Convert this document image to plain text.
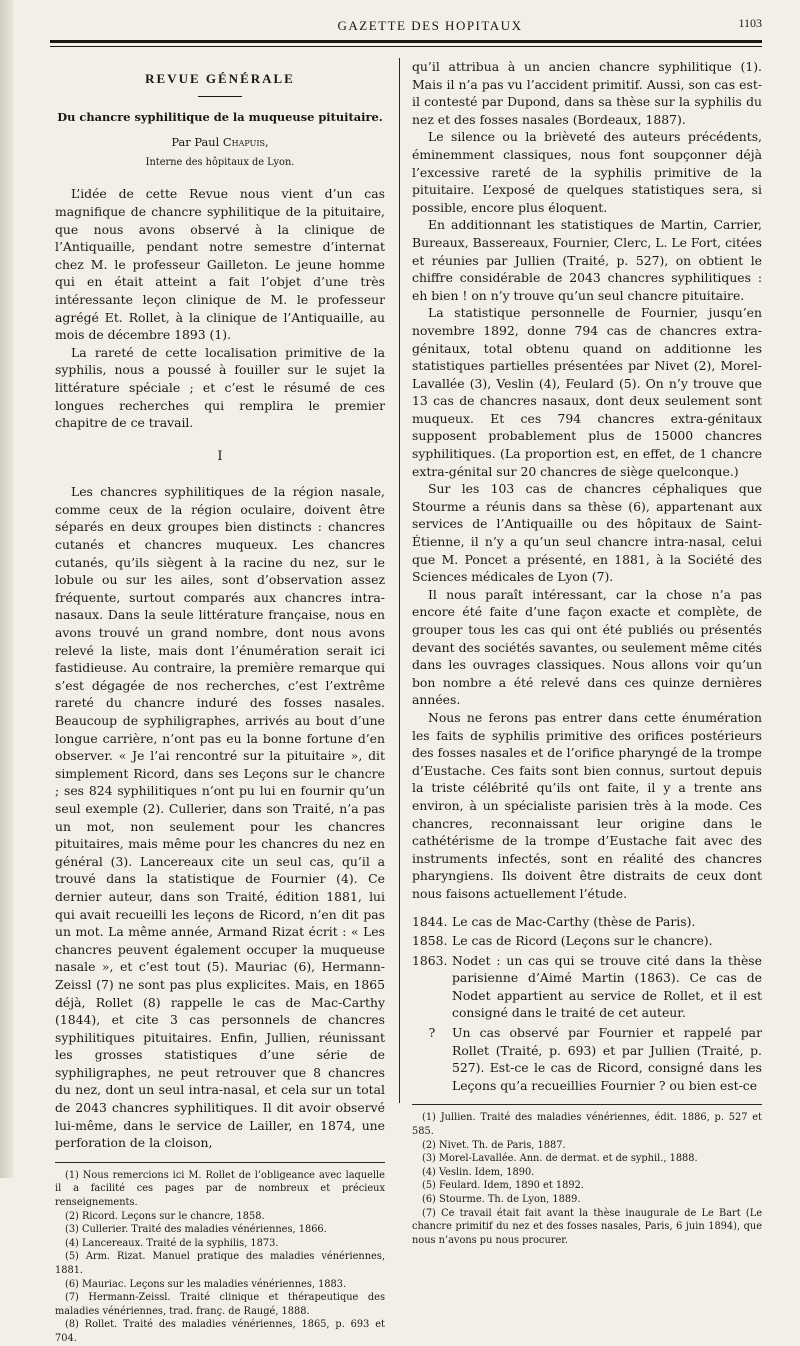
GAZETTE DES HOPITAUX	1103
REVUE GÉNÉRALE
Du chancre syphilitique de la muqueuse pituitaire.
Par Paul Chapuis,
Interne des hôpitaux de Lyon.

L’idée de cette Revue nous vient d’un cas magnifique de chancre syphilitique de la pituitaire, que nous avons observé à la clinique de l’Antiquaille, pendant notre semestre d’internat chez M. le professeur Gailleton. Le jeune homme qui en était atteint a fait l’objet d’une très intéressante leçon clinique de M. le professeur agrégé Et. Rollet, à la clinique de l’Antiquaille, au mois de décembre 1893 (1).

La rareté de cette localisation primitive de la syphilis, nous a poussé à fouiller sur le sujet la littérature spéciale ; et c’est le résumé de ces longues recherches qui remplira le premier chapitre de ce travail.

I

Les chancres syphilitiques de la région nasale, comme ceux de la région oculaire, doivent être séparés en deux groupes bien distincts : chancres cutanés et chancres muqueux. Les chancres cutanés, qu’ils siègent à la racine du nez, sur le lobule ou sur les ailes, sont d’observation assez fréquente, surtout comparés aux chancres intra-nasaux. Dans la seule littérature française, nous en avons trouvé un grand nombre, dont nous avons relevé la liste, mais dont l’énumération serait ici fastidieuse. Au contraire, la première remarque qui s’est dégagée de nos recherches, c’est l’extrême rareté du chancre induré des fosses nasales. Beaucoup de syphiligraphes, arrivés au bout d’une longue carrière, n’ont pas eu la bonne fortune d’en observer. « Je l’ai rencontré sur la pituitaire », dit simplement Ricord, dans ses Leçons sur le chancre ; ses 824 syphilitiques n’ont pu lui en fournir qu’un seul exemple (2). Cullerier, dans son Traité, n’a pas un mot, non seulement pour les chancres pituitaires, mais même pour les chancres du nez en général (3). Lancereaux cite un seul cas, qu’il a trouvé dans la statistique de Fournier (4). Ce dernier auteur, dans son Traité, édition 1881, lui qui avait recueilli les leçons de Ricord, n’en dit pas un mot. La même année, Armand Rizat écrit : « Les chancres peuvent également occuper la muqueuse nasale », et c’est tout (5). Mauriac (6), Hermann-Zeissl (7) ne sont pas plus explicites. Mais, en 1865 déjà, Rollet (8) rappelle le cas de Mac-Carthy (1844), et cite 3 cas personnels de chancres syphilitiques pituitaires. Enfin, Jullien, réunissant les grosses statistiques d’une série de syphiligraphes, ne peut retrouver que 8 chancres du nez, dont un seul intra-nasal, et cela sur un total de 2043 chancres syphilitiques. Il dit avoir observé lui-même, dans le service de Lailler, en 1874, une perforation de la cloison,

(1) Nous remercions ici M. Rollet de l’obligeance avec laquelle il a facilité ces pages par de nombreux et précieux renseignements.

(2) Ricord. Leçons sur le chancre, 1858.

(3) Cullerier. Traité des maladies vénériennes, 1866.

(4) Lancereaux. Traité de la syphilis, 1873.

(5) Arm. Rizat. Manuel pratique des maladies vénériennes, 1881.

(6) Mauriac. Leçons sur les maladies vénériennes, 1883.

(7) Hermann-Zeissl. Traité clinique et thérapeutique des maladies vénériennes, trad. franç. de Raugé, 1888.

(8) Rollet. Traité des maladies vénériennes, 1865, p. 693 et 704.

qu’il attribua à un ancien chancre syphilitique (1). Mais il n’a pas vu l’accident primitif. Aussi, son cas est-il contesté par Dupond, dans sa thèse sur la syphilis du nez et des fosses nasales (Bordeaux, 1887).

Le silence ou la brièveté des auteurs précédents, éminemment classiques, nous font soupçonner déjà l’excessive rareté de la syphilis primitive de la pituitaire. L’exposé de quelques statistiques sera, si possible, encore plus éloquent.

En additionnant les statistiques de Martin, Carrier, Bureaux, Bassereaux, Fournier, Clerc, L. Le Fort, citées et réunies par Jullien (Traité, p. 527), on obtient le chiffre considérable de 2043 chancres syphilitiques : eh bien ! on n’y trouve qu’un seul chancre pituitaire.

La statistique personnelle de Fournier, jusqu’en novembre 1892, donne 794 cas de chancres extra-génitaux, total obtenu quand on additionne les statistiques partielles présentées par Nivet (2), Morel-Lavallée (3), Veslin (4), Feulard (5). On n’y trouve que 13 cas de chancres nasaux, dont deux seulement sont muqueux. Et ces 794 chancres extra-génitaux supposent probablement plus de 15000 chancres syphilitiques. (La proportion est, en effet, de 1 chancre extra-génital sur 20 chancres de siège quelconque.)

Sur les 103 cas de chancres céphaliques que Stourme a réunis dans sa thèse (6), appartenant aux services de l’Antiquaille ou des hôpitaux de Saint-Étienne, il n’y a qu’un seul chancre intra-nasal, celui que M. Poncet a présenté, en 1881, à la Société des Sciences médicales de Lyon (7).

Il nous paraît intéressant, car la chose n’a pas encore été faite d’une façon exacte et complète, de grouper tous les cas qui ont été publiés ou présentés devant des sociétés savantes, ou seulement même cités dans les ouvrages classiques. Nous allons voir qu’un bon nombre a été relevé dans ces quinze dernières années.

Nous ne ferons pas entrer dans cette énumération les faits de syphilis primitive des orifices postérieurs des fosses nasales et de l’orifice pharyngé de la trompe d’Eustache. Ces faits sont bien connus, surtout depuis la triste célébrité qu’ils ont faite, il y a trente ans environ, à un spécialiste parisien très à la mode. Ces chancres, reconnaissant leur origine dans le cathétérisme de la trompe d’Eustache fait avec des instruments infectés, sont en réalité des chancres pharyngiens. Ils doivent être distraits de ceux dont nous faisons actuellement l’étude.

1844. Le cas de Mac-Carthy (thèse de Paris).
1858. Le cas de Ricord (Leçons sur le chancre).
1863. Nodet : un cas qui se trouve cité dans la thèse parisienne d’Aimé Martin (1863). Ce cas de Nodet appartient au service de Rollet, et il est consigné dans le traité de cet auteur.
?	Un cas observé par Fournier et rappelé par Rollet (Traité, p. 693) et par Jullien (Traité, p. 527). Est-ce le cas de Ricord, consigné dans les Leçons qu’a recueillies Fournier ? ou bien est-ce

(1) Jullien. Traité des maladies vénériennes, édit. 1886, p. 527 et 585.

(2) Nivet. Th. de Paris, 1887.

(3) Morel-Lavallée. Ann. de dermat. et de syphil., 1888.

(4) Veslin. Idem, 1890.

(5) Feulard. Idem, 1890 et 1892.

(6) Stourme. Th. de Lyon, 1889.

(7) Ce travail était fait avant la thèse inaugurale de Le Bart (Le chancre primitif du nez et des fosses nasales, Paris, 6 juin 1894), que nous n’avons pu nous procurer.
